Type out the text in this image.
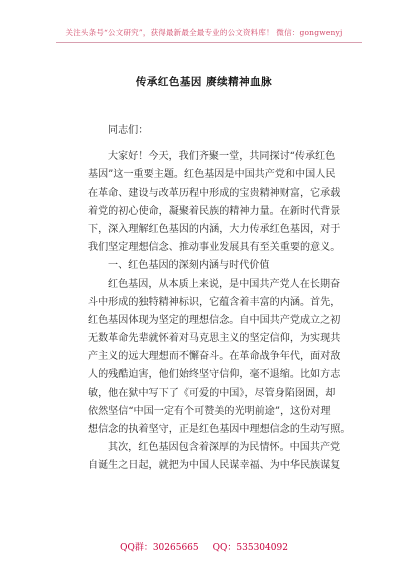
关注头条号“公文研究”，获得最新最全最专业的公文资料库！ 微信：gongwenyj
传承红色基因 赓续精神血脉
同志们：
大家好！今天，我们齐聚一堂，共同探讨“传承红色
基因”这一重要主题。红色基因是中国共产党和中国人民
在革命、建设与改革历程中形成的宝贵精神财富，它承载
着党的初心使命，凝聚着民族的精神力量。在新时代背景
下，深入理解红色基因的内涵，大力传承红色基因，对于
我们坚定理想信念、推动事业发展具有至关重要的意义。
一、红色基因的深刻内涵与时代价值
红色基因，从本质上来说，是中国共产党人在长期奋
斗中形成的独特精神标识，它蕴含着丰富的内涵。首先，
红色基因体现为坚定的理想信念。自中国共产党成立之初
无数革命先辈就怀着对马克思主义的坚定信仰，为实现共
产主义的远大理想而不懈奋斗。在革命战争年代，面对敌
人的残酷迫害，他们始终坚守信仰，毫不退缩。比如方志
敏，他在狱中写下了《可爱的中国》，尽管身陷囹圄，却
依然坚信“中国一定有个可赞美的光明前途”，这份对理
想信念的执着坚守，正是红色基因中理想信念的生动写照。
其次，红色基因包含着深厚的为民情怀。中国共产党
自诞生之日起，就把为中国人民谋幸福、为中华民族谋复
QQ群：30265665 QQ：535304092
